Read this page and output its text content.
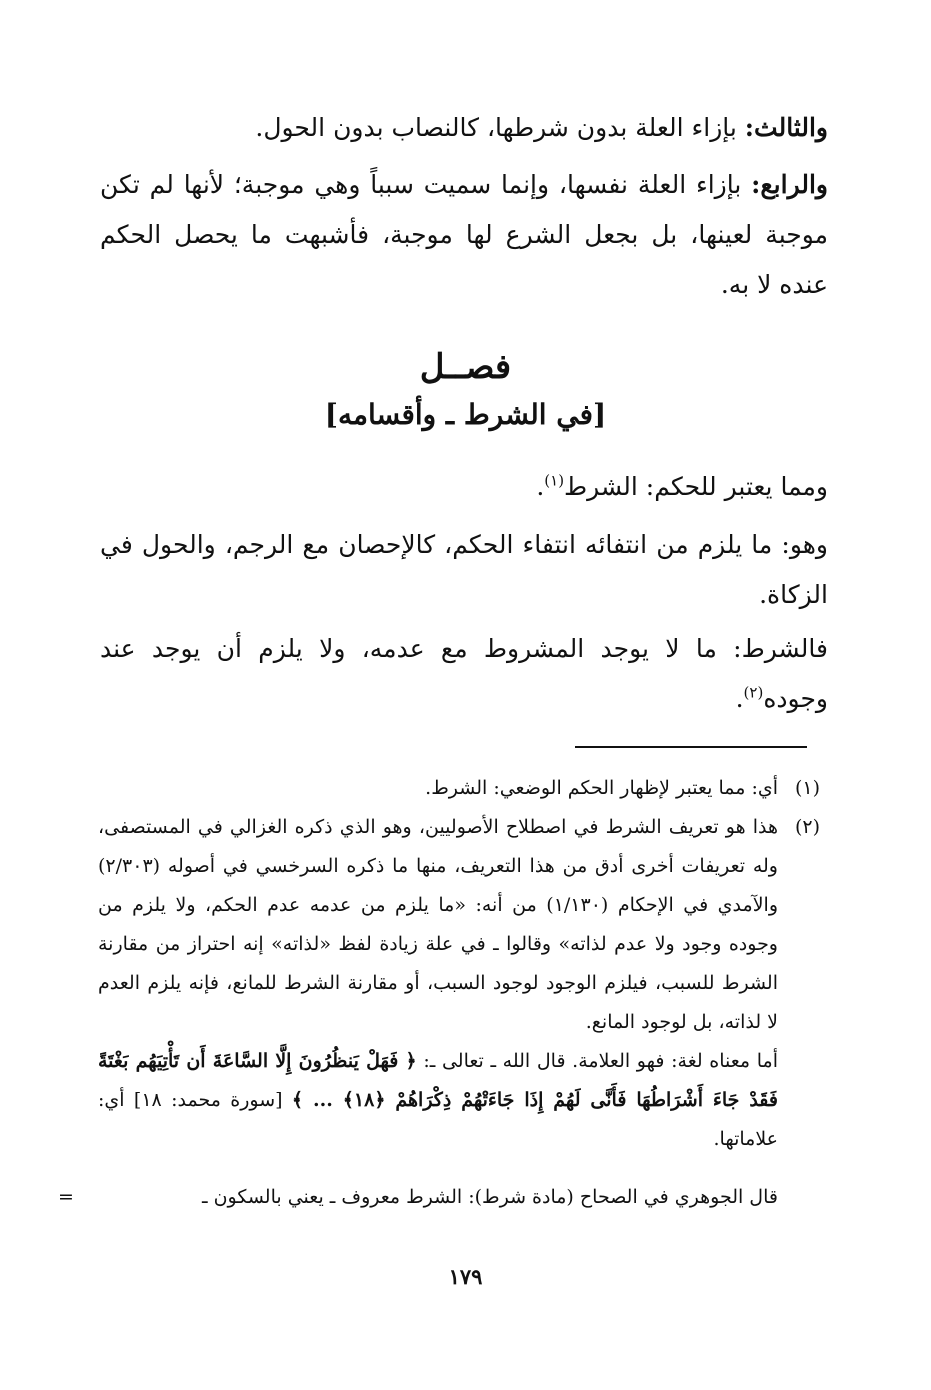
والثالث: بإزاء العلة بدون شرطها، كالنصاب بدون الحول.

والرابع: بإزاء العلة نفسها، وإنما سميت سبباً وهي موجبة؛ لأنها لم تكن موجبة لعينها، بل بجعل الشرع لها موجبة، فأشبهت ما يحصل الحكم عنده لا به.

فصــل
[في الشرط ـ وأقسامه]

ومما يعتبر للحكم: الشرط$^{(١)}$.

وهو: ما يلزم من انتفائه انتفاء الحكم، كالإحصان مع الرجم، والحول في الزكاة.

فالشرط: ما لا يوجد المشروط مع عدمه، ولا يلزم أن يوجد عند وجوده$^{(٢)}$.

(١)
أي: مما يعتبر لإظهار الحكم الوضعي: الشرط.

(٢)
هذا هو تعريف الشرط في اصطلاح الأصوليين، وهو الذي ذكره الغزالي في المستصفى، وله تعريفات أخرى أدق من هذا التعريف، منها ما ذكره السرخسي في أصوله (٢/٣٠٣) والآمدي في الإحكام (١/١٣٠) من أنه: «ما يلزم من عدمه عدم الحكم، ولا يلزم من وجوده وجود ولا عدم لذاته» وقالوا ـ في علة زيادة لفظ «لذاته» إنه احتراز من مقارنة الشرط للسبب، فيلزم الوجود لوجود السبب، أو مقارنة الشرط للمانع، فإنه يلزم العدم لا لذاته، بل لوجود المانع.
أما معناه لغة: فهو العلامة. قال الله ـ تعالى ـ: ﴿ فَهَلْ يَنظُرُونَ إِلَّا السَّاعَةَ أَن تَأْتِيَهُم بَغْتَةً فَقَدْ جَاءَ أَشْرَاطُهَا فَأَنَّى لَهُمْ إِذَا جَاءَتْهُمْ ذِكْرَاهُمْ ﴿١٨﴾ ... ﴾ [سورة محمد: ١٨] أي: علاماتها.

قال الجوهري في الصحاح (مادة شرط): الشرط معروف ـ يعني بالسكون ـ
=

١٧٩
